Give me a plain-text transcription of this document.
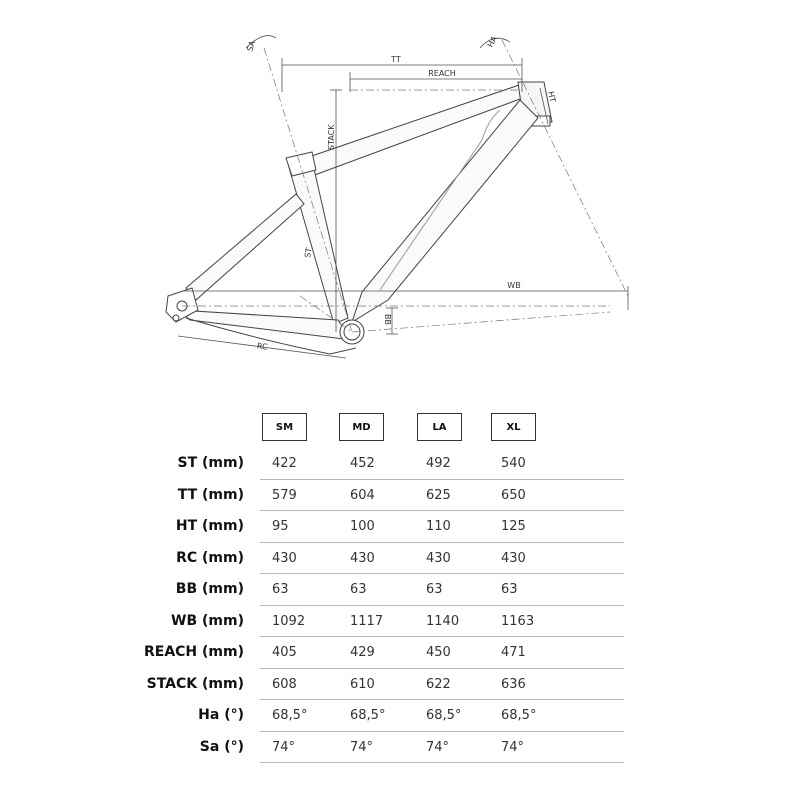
SA	HA
TT
REACH
HT
STACK
ST
WB
BB
RC
SM	MD	LA	XL
ST (mm) 422	452	492	540
TT (mm) 579	604	625	650
HT (mm) 95	100	110	125
RC (mm) 430	430	430	430
BB (mm) 63	63	63	63
WB (mm) 1092	1117	1140	1163
REACH (mm) 405	429	450	471
STACK (mm) 608	610	622	636
Ha (°) 68,5°	68,5°	68,5°	68,5°
Sa (°) 74°	74°	74°	74°
